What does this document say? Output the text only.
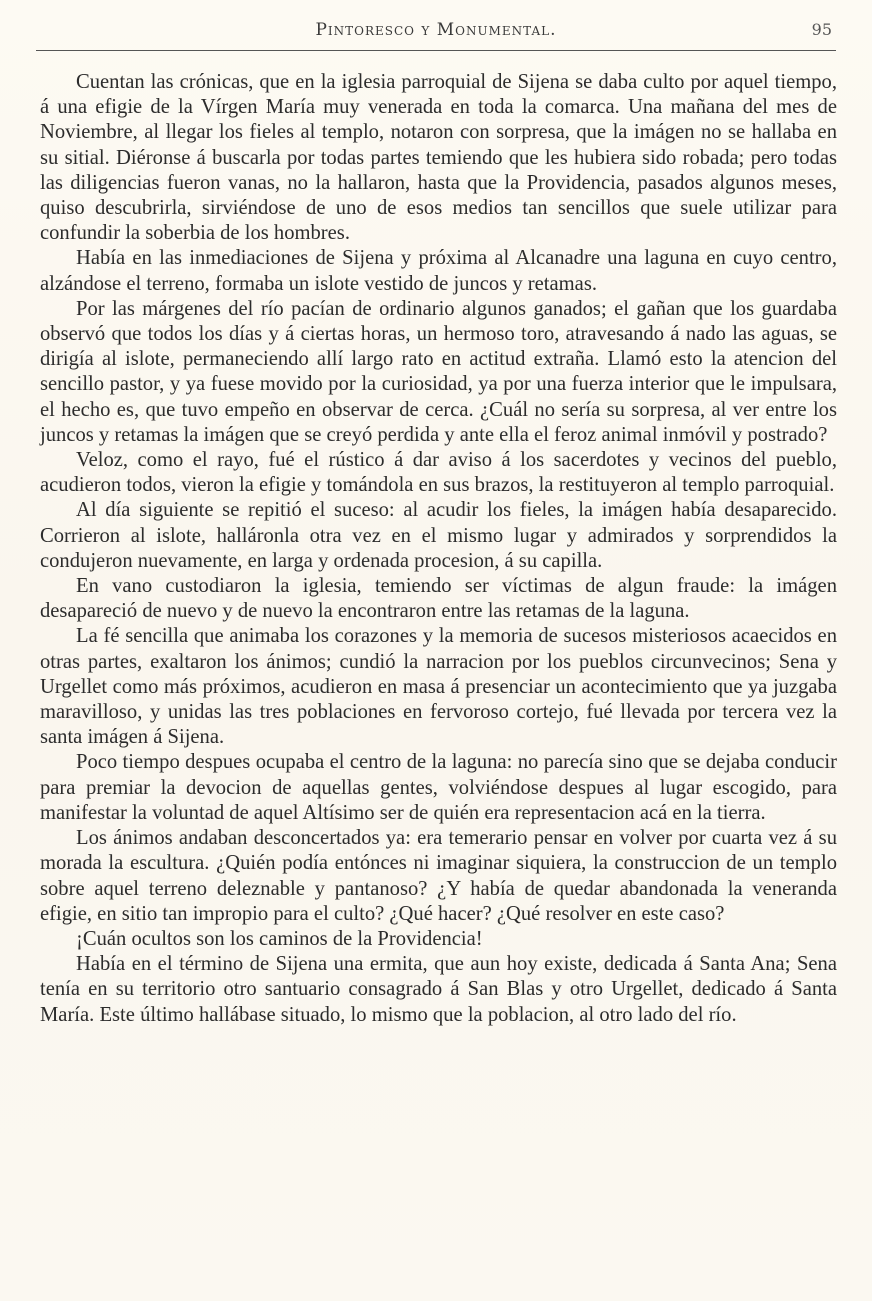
Pintoresco y Monumental.	95

Cuentan las crónicas, que en la iglesia parroquial de Sijena se daba culto por aquel tiempo, á una efigie de la Vírgen María muy venerada en toda la comarca. Una mañana del mes de Noviembre, al llegar los fieles al templo, notaron con sorpresa, que la imágen no se hallaba en su sitial. Diéronse á buscarla por todas partes temiendo que les hubiera sido robada; pero todas las diligencias fueron vanas, no la hallaron, hasta que la Providencia, pasados algunos meses, quiso descubrirla, sirviéndose de uno de esos medios tan sencillos que suele utilizar para confundir la soberbia de los hombres.

Había en las inmediaciones de Sijena y próxima al Alcanadre una laguna en cuyo centro, alzándose el terreno, formaba un islote vestido de juncos y retamas.

Por las márgenes del río pacían de ordinario algunos ganados; el gañan que los guardaba observó que todos los días y á ciertas horas, un hermoso toro, atravesando á nado las aguas, se dirigía al islote, permaneciendo allí largo rato en actitud extraña. Llamó esto la atencion del sencillo pastor, y ya fuese movido por la curiosidad, ya por una fuerza interior que le impulsara, el hecho es, que tuvo empeño en observar de cerca. ¿Cuál no sería su sorpresa, al ver entre los juncos y retamas la imágen que se creyó perdida y ante ella el feroz animal inmóvil y postrado?

Veloz, como el rayo, fué el rústico á dar aviso á los sacerdotes y vecinos del pueblo, acudieron todos, vieron la efigie y tomándola en sus brazos, la restituyeron al templo parroquial.

Al día siguiente se repitió el suceso: al acudir los fieles, la imágen había desaparecido. Corrieron al islote, halláronla otra vez en el mismo lugar y admirados y sorprendidos la condujeron nuevamente, en larga y ordenada procesion, á su capilla.

En vano custodiaron la iglesia, temiendo ser víctimas de algun fraude: la imágen desapareció de nuevo y de nuevo la encontraron entre las retamas de la laguna.

La fé sencilla que animaba los corazones y la memoria de sucesos misteriosos acaecidos en otras partes, exaltaron los ánimos; cundió la narracion por los pueblos circunvecinos; Sena y Urgellet como más próximos, acudieron en masa á presenciar un acontecimiento que ya juzgaba maravilloso, y unidas las tres poblaciones en fervoroso cortejo, fué llevada por tercera vez la santa imágen á Sijena.

Poco tiempo despues ocupaba el centro de la laguna: no parecía sino que se dejaba conducir para premiar la devocion de aquellas gentes, volviéndose despues al lugar escogido, para manifestar la voluntad de aquel Altísimo ser de quién era representacion acá en la tierra.

Los ánimos andaban desconcertados ya: era temerario pensar en volver por cuarta vez á su morada la escultura. ¿Quién podía entónces ni imaginar siquiera, la construccion de un templo sobre aquel terreno deleznable y pantanoso? ¿Y había de quedar abandonada la veneranda efigie, en sitio tan impropio para el culto? ¿Qué hacer? ¿Qué resolver en este caso?

¡Cuán ocultos son los caminos de la Providencia!

Había en el término de Sijena una ermita, que aun hoy existe, dedicada á Santa Ana; Sena tenía en su territorio otro santuario consagrado á San Blas y otro Urgellet, dedicado á Santa María. Este último hallábase situado, lo mismo que la poblacion, al otro lado del río.
